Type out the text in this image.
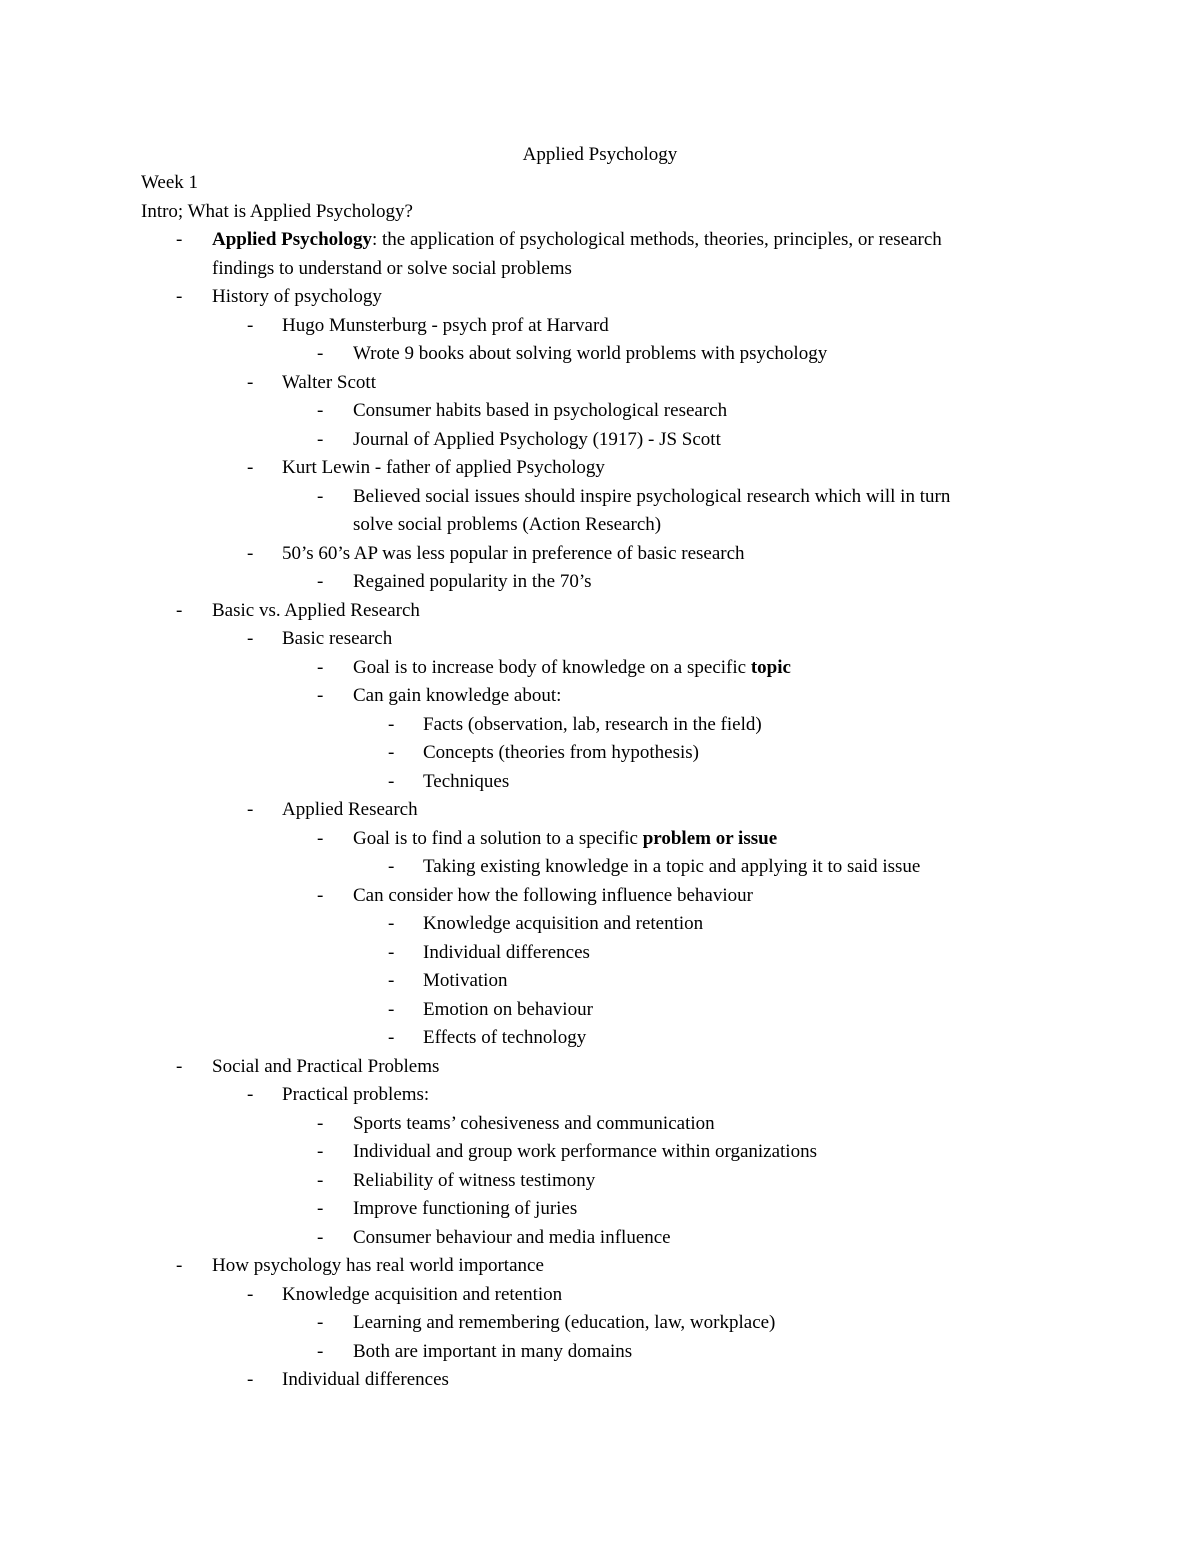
Applied Psychology
Week 1
Intro; What is Applied Psychology?
- Applied Psychology: the application of psychological methods, theories, principles, or research
findings to understand or solve social problems
- History of psychology
- Hugo Munsterburg - psych prof at Harvard
- Wrote 9 books about solving world problems with psychology
- Walter Scott
- Consumer habits based in psychological research
- Journal of Applied Psychology (1917) - JS Scott
- Kurt Lewin - father of applied Psychology
- Believed social issues should inspire psychological research which will in turn
solve social problems (Action Research)
- 50’s 60’s AP was less popular in preference of basic research
- Regained popularity in the 70’s
- Basic vs. Applied Research
- Basic research
- Goal is to increase body of knowledge on a specific topic
- Can gain knowledge about:
- Facts (observation, lab, research in the field)
- Concepts (theories from hypothesis)
- Techniques
- Applied Research
- Goal is to find a solution to a specific problem or issue
- Taking existing knowledge in a topic and applying it to said issue
- Can consider how the following influence behaviour
- Knowledge acquisition and retention
- Individual differences
- Motivation
- Emotion on behaviour
- Effects of technology
- Social and Practical Problems
- Practical problems:
- Sports teams’ cohesiveness and communication
- Individual and group work performance within organizations
- Reliability of witness testimony
- Improve functioning of juries
- Consumer behaviour and media influence
- How psychology has real world importance
- Knowledge acquisition and retention
- Learning and remembering (education, law, workplace)
- Both are important in many domains
- Individual differences
